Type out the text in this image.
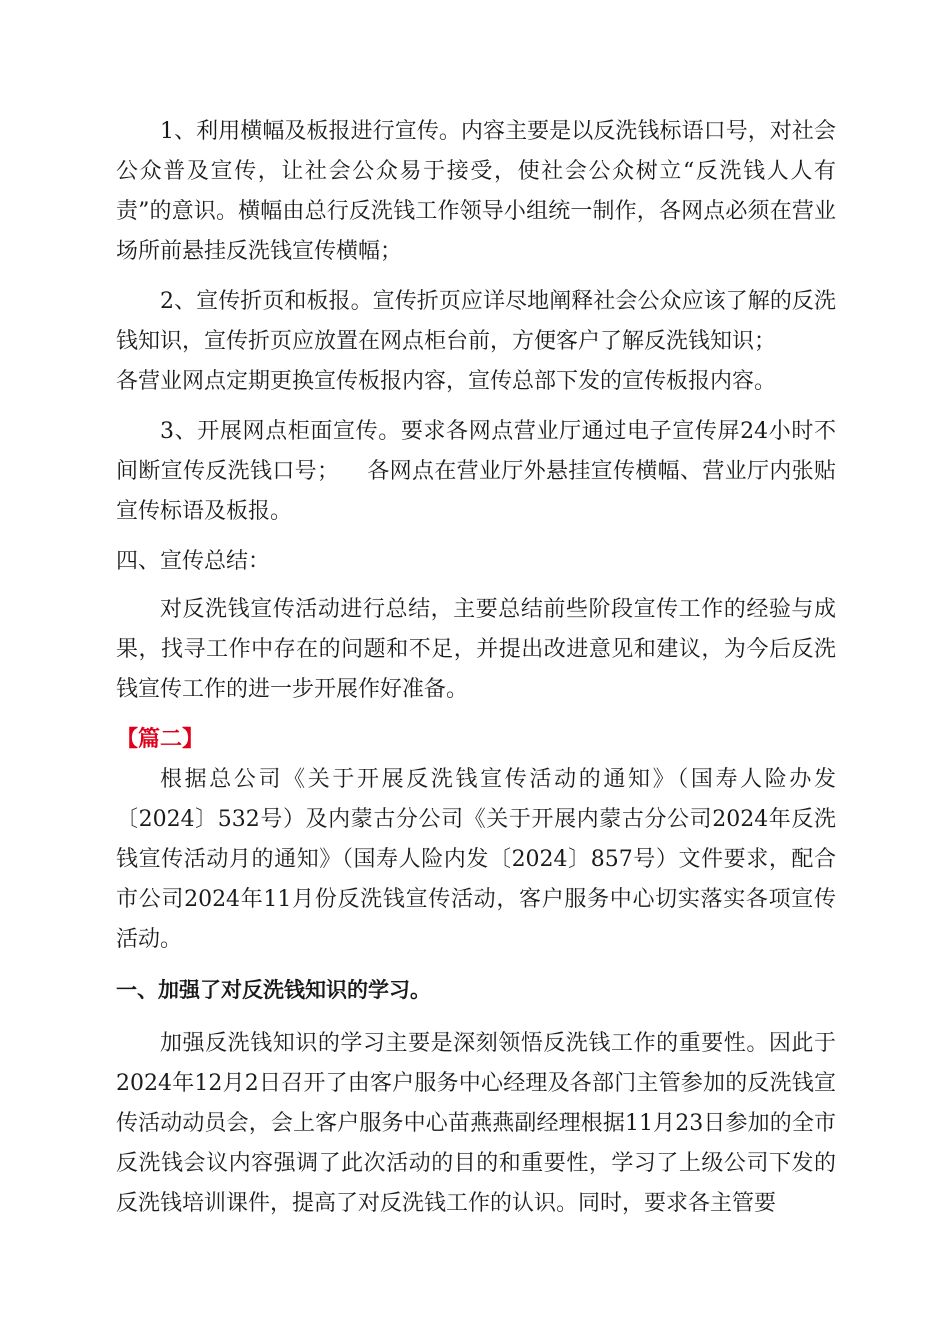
1、利用横幅及板报进行宣传。内容主要是以反洗钱标语口号，对社会公众普及宣传，让社会公众易于接受，使社会公众树立“反洗钱人人有责”的意识。横幅由总行反洗钱工作领导小组统一制作，各网点必须在营业场所前悬挂反洗钱宣传横幅；

2、宣传折页和板报。宣传折页应详尽地阐释社会公众应该了解的反洗钱知识，宣传折页应放置在网点柜台前，方便客户了解反洗钱知识；
各营业网点定期更换宣传板报内容，宣传总部下发的宣传板报内容。

3、开展网点柜面宣传。要求各网点营业厅通过电子宣传屏24小时不间断宣传反洗钱口号； 各网点在营业厅外悬挂宣传横幅、营业厅内张贴宣传标语及板报。

四、宣传总结：

对反洗钱宣传活动进行总结，主要总结前些阶段宣传工作的经验与成果，找寻工作中存在的问题和不足，并提出改进意见和建议，为今后反洗钱宣传工作的进一步开展作好准备。

【篇二】

根据总公司《关于开展反洗钱宣传活动的通知》（国寿人险办发〔2024〕532号）及内蒙古分公司《关于开展内蒙古分公司2024年反洗钱宣传活动月的通知》（国寿人险内发〔2024〕857号）文件要求，配合市公司2024年11月份反洗钱宣传活动，客户服务中心切实落实各项宣传活动。

一、加强了对反洗钱知识的学习。

加强反洗钱知识的学习主要是深刻领悟反洗钱工作的重要性。因此于2024年12月2日召开了由客户服务中心经理及各部门主管参加的反洗钱宣传活动动员会，会上客户服务中心苗燕燕副经理根据11月23日参加的全市反洗钱会议内容强调了此次活动的目的和重要性，学习了上级公司下发的反洗钱培训课件，提高了对反洗钱工作的认识。同时，要求各主管要
